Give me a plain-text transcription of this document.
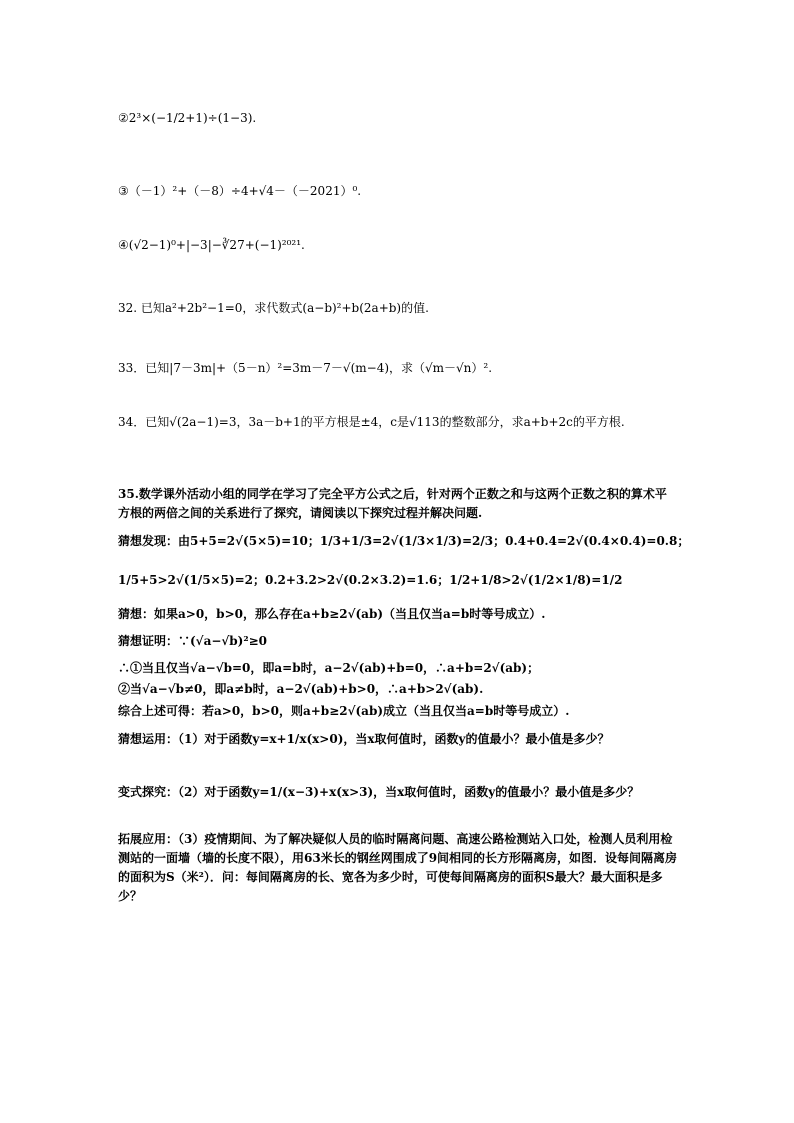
②2³×(−1/2+1)÷(1−3).
③（－1）²+（－8）÷4+√4－（－2021）⁰.
④(√2−1)⁰+|−3|−∛27+(−1)²⁰²¹.
32. 已知a²+2b²−1=0，求代数式(a−b)²+b(2a+b)的值.
33．已知|7－3m|+（5－n）²=3m－7－√(m−4)，求（√m－√n）².
34．已知√(2a−1)=3，3a－b+1的平方根是±4，c是√113的整数部分，求a+b+2c的平方根.
35.数学课外活动小组的同学在学习了完全平方公式之后，针对两个正数之和与这两个正数之积的算术平方根的两倍之间的关系进行了探究，请阅读以下探究过程并解决问题.
猜想发现：由5+5=2√(5×5)=10；1/3+1/3=2√(1/3×1/3)=2/3；0.4+0.4=2√(0.4×0.4)=0.8；
1/5+5>2√(1/5×5)=2；0.2+3.2>2√(0.2×3.2)=1.6；1/2+1/8>2√(1/2×1/8)=1/2
猜想：如果a>0，b>0，那么存在a+b≥2√(ab)（当且仅当a=b时等号成立）.
猜想证明：∵(√a−√b)²≥0
∴①当且仅当√a−√b=0，即a=b时，a−2√(ab)+b=0，∴a+b=2√(ab)；
②当√a−√b≠0，即a≠b时，a−2√(ab)+b>0，∴a+b>2√(ab).
综合上述可得：若a>0，b>0，则a+b≥2√(ab)成立（当且仅当a=b时等号成立）.
猜想运用：（1）对于函数y=x+1/x(x>0)，当x取何值时，函数y的值最小？最小值是多少？
变式探究：（2）对于函数y=1/(x−3)+x(x>3)，当x取何值时，函数y的值最小？最小值是多少？
拓展应用：（3）疫情期间、为了解决疑似人员的临时隔离问题、高速公路检测站入口处，检测人员利用检测站的一面墙（墙的长度不限），用63米长的钢丝网围成了9间相同的长方形隔离房，如图．设每间隔离房的面积为S（米²）．问：每间隔离房的长、宽各为多少时，可使每间隔离房的面积S最大？最大面积是多少？
